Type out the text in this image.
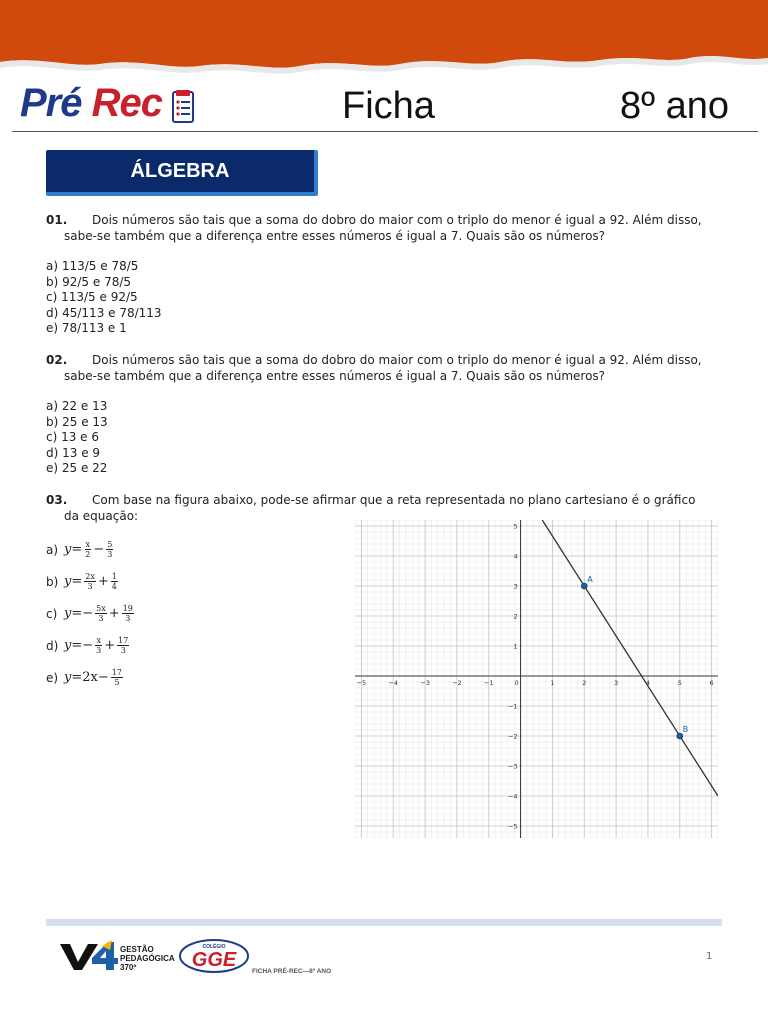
Pré Rec	Ficha	8º ano
ÁLGEBRA
01. Dois números são tais que a soma do dobro do maior com o triplo do menor é igual a 92. Além disso,
sabe-se também que a diferença entre esses números é igual a 7. Quais são os números?
a) 113/5 e 78/5
b) 92/5 e 78/5
c) 113/5 e 92/5
d) 45/113 e 78/113
e) 78/113 e 1
02. Dois números são tais que a soma do dobro do maior com o triplo do menor é igual a 92. Além disso,
sabe-se também que a diferença entre esses números é igual a 7. Quais são os números?
a) 22 e 13
b) 25 e 13
c) 13 e 6
d) 13 e 9
e) 25 e 22
03. Com base na figura abaixo, pode-se afirmar que a reta representada no plano cartesiano é o gráfico
da equação:
a) $y = \frac{x}{2} - \frac{5}{3}$
b) $y = \frac{2x}{3} + \frac{1}{4}$
c) y = − $\frac{5x}{3} + \frac{19}{3}$
d) y = − $\frac{x}{3} + \frac{17}{3}$
e) $y = 2x - \frac{17}{5}$	−5	−4	−3	−2	−1	0	1	2	3	4	5	6
5
4
3
2
1
−1
−2
−3
−4
−5
A
B
GESTÃO
PEDAGÓGICA
370º
COLÉGIO
GGE
FICHA PRÉ-REC—8º ANO
1
